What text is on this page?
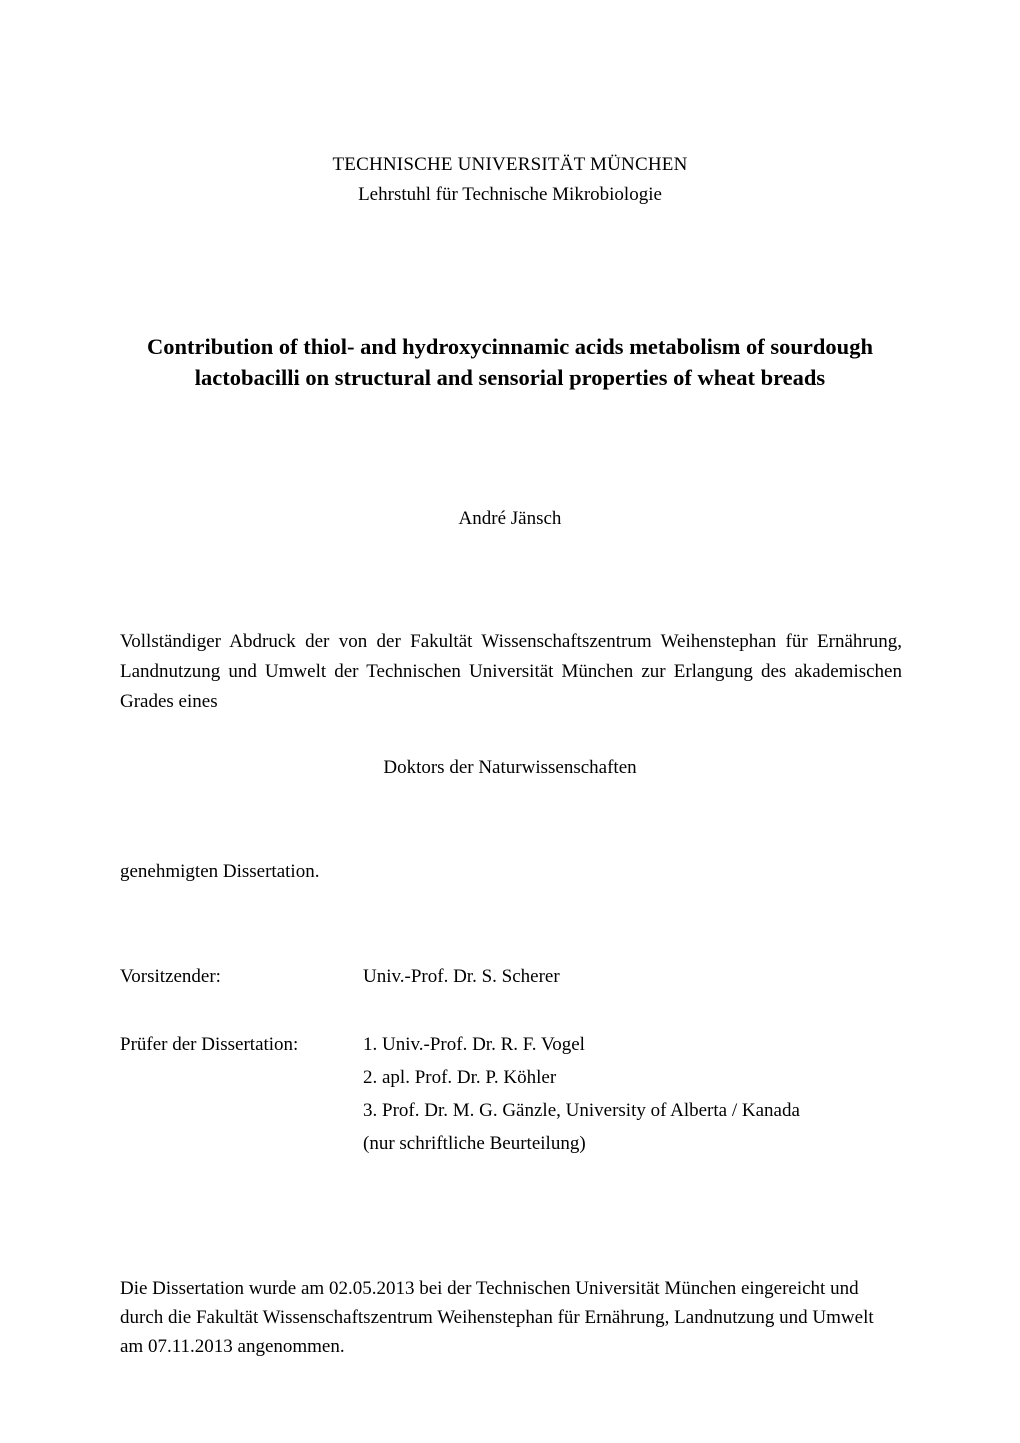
TECHNISCHE UNIVERSITÄT MÜNCHEN
Lehrstuhl für Technische Mikrobiologie
Contribution of thiol- and hydroxycinnamic acids metabolism of sourdough lactobacilli on structural and sensorial properties of wheat breads
André Jänsch

Vollständiger Abdruck der von der Fakultät Wissenschaftszentrum Weihenstephan für Ernährung, Landnutzung und Umwelt der Technischen Universität München zur Erlangung des akademischen Grades eines

Doktors der Naturwissenschaften
genehmigten Dissertation.
Vorsitzender:	Univ.-Prof. Dr. S. Scherer
Prüfer der Dissertation:	1. Univ.-Prof. Dr. R. F. Vogel
2. apl. Prof. Dr. P. Köhler
3. Prof. Dr. M. G. Gänzle, University of Alberta / Kanada
(nur schriftliche Beurteilung)

Die Dissertation wurde am 02.05.2013 bei der Technischen Universität München eingereicht und durch die Fakultät Wissenschaftszentrum Weihenstephan für Ernährung, Landnutzung und Umwelt am 07.11.2013 angenommen.
